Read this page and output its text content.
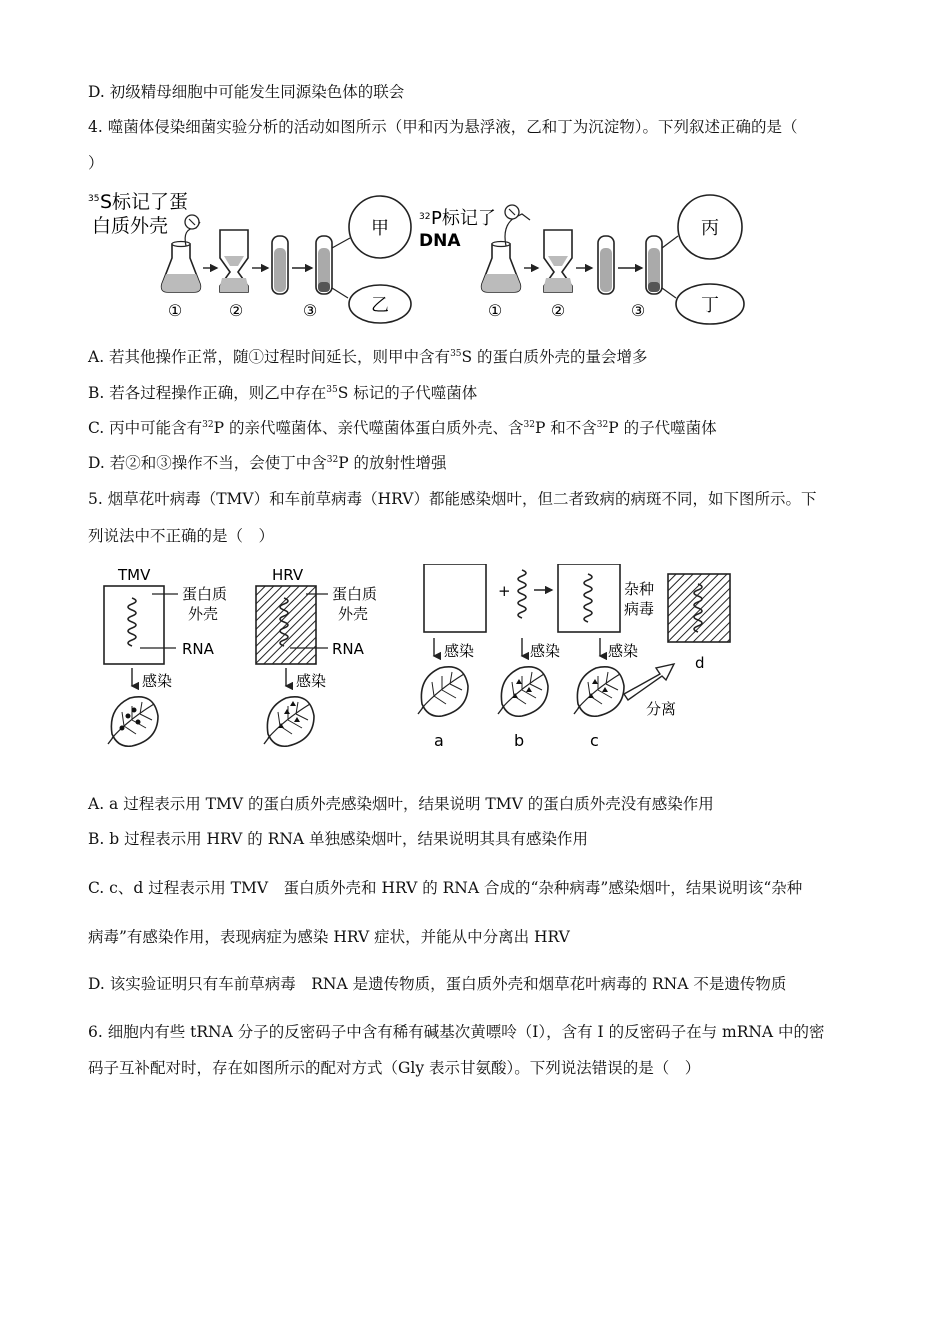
D. 初级精母细胞中可能发生同源染色体的联会
4. 噬菌体侵染细菌实验分析的活动如图所示（甲和丙为悬浮液，乙和丁为沉淀物）。下列叙述正确的是（
）
35 S标记了蛋
白质外壳	甲
乙
①	②	③
32 P标记了
DNA
丙
丁
①	②	③
A. 若其他操作正常，随①过程时间延长，则甲中含有$^{35}$S 的蛋白质外壳的量会增多
B. 若各过程操作正确，则乙中存在$^{35}$S 标记的子代噬菌体
C. 丙中可能含有$^{32}$P 的亲代噬菌体、亲代噬菌体蛋白质外壳、含$^{32}$P 和不含$^{32}$P 的子代噬菌体
D. 若②和③操作不当，会使丁中含$^{32}$P 的放射性增强
5. 烟草花叶病毒（TMV）和车前草病毒（HRV）都能感染烟叶，但二者致病的病斑不同，如下图所示。下
列说法中不正确的是（　）
TMV
蛋白质
外壳
RNA
感染
HRV
蛋白质
外壳
RNA
感染
+	杂种
病毒
d
感染	感染	感染
分离
a	b	c
A. a 过程表示用 TMV 的蛋白质外壳感染烟叶，结果说明 TMV 的蛋白质外壳没有感染作用
B. b 过程表示用 HRV 的 RNA 单独感染烟叶，结果说明其具有感染作用
C. c、d 过程表示用 TMV　蛋白质外壳和 HRV 的 RNA 合成的“杂种病毒”感染烟叶，结果说明该“杂种
病毒”有感染作用，表现病症为感染 HRV 症状，并能从中分离出 HRV
D. 该实验证明只有车前草病毒　RNA 是遗传物质，蛋白质外壳和烟草花叶病毒的 RNA 不是遗传物质
6. 细胞内有些 tRNA 分子的反密码子中含有稀有碱基次黄嘌呤（I），含有 I 的反密码子在与 mRNA 中的密
码子互补配对时，存在如图所示的配对方式（Gly 表示甘氨酸）。下列说法错误的是（　）
